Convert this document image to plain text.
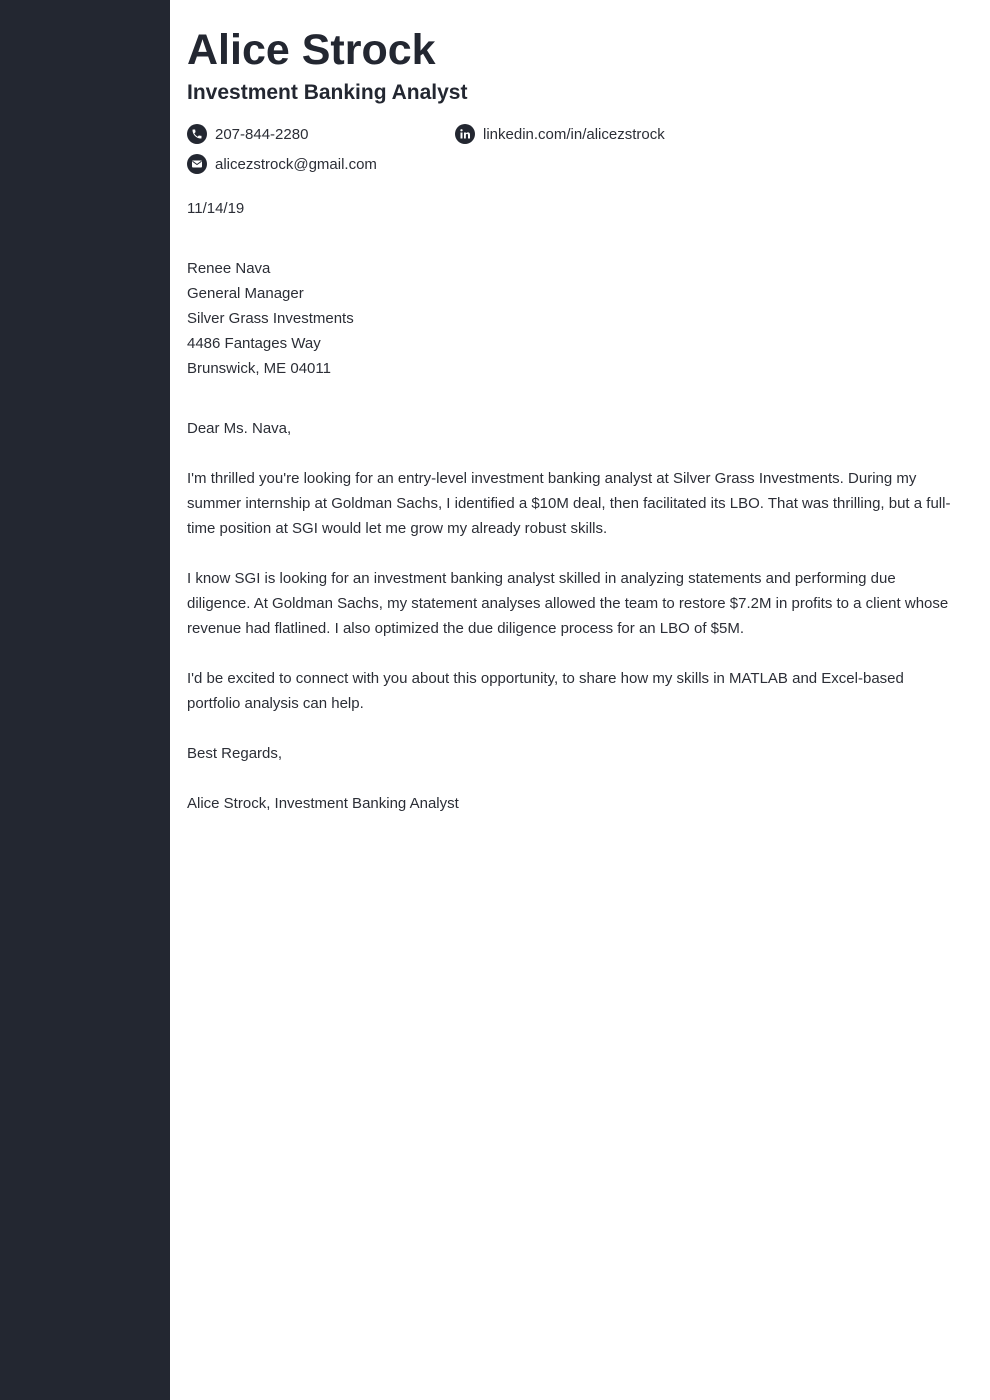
Alice Strock
Investment Banking Analyst
207-844-2280	linkedin.com/in/alicezstrock
alicezstrock@gmail.com

11/14/19

Renee Nava
General Manager
Silver Grass Investments
4486 Fantages Way
Brunswick, ME 04011

Dear Ms. Nava,

I'm thrilled you're looking for an entry-level investment banking analyst at Silver Grass Investments. During my summer internship at Goldman Sachs, I identified a $10M deal, then facilitated its LBO. That was thrilling, but a full-time position at SGI would let me grow my already robust skills.

I know SGI is looking for an investment banking analyst skilled in analyzing statements and performing due diligence. At Goldman Sachs, my statement analyses allowed the team to restore $7.2M in profits to a client whose revenue had flatlined. I also optimized the due diligence process for an LBO of $5M.

I'd be excited to connect with you about this opportunity, to share how my skills in MATLAB and Excel-based portfolio analysis can help.

Best Regards,

Alice Strock, Investment Banking Analyst
